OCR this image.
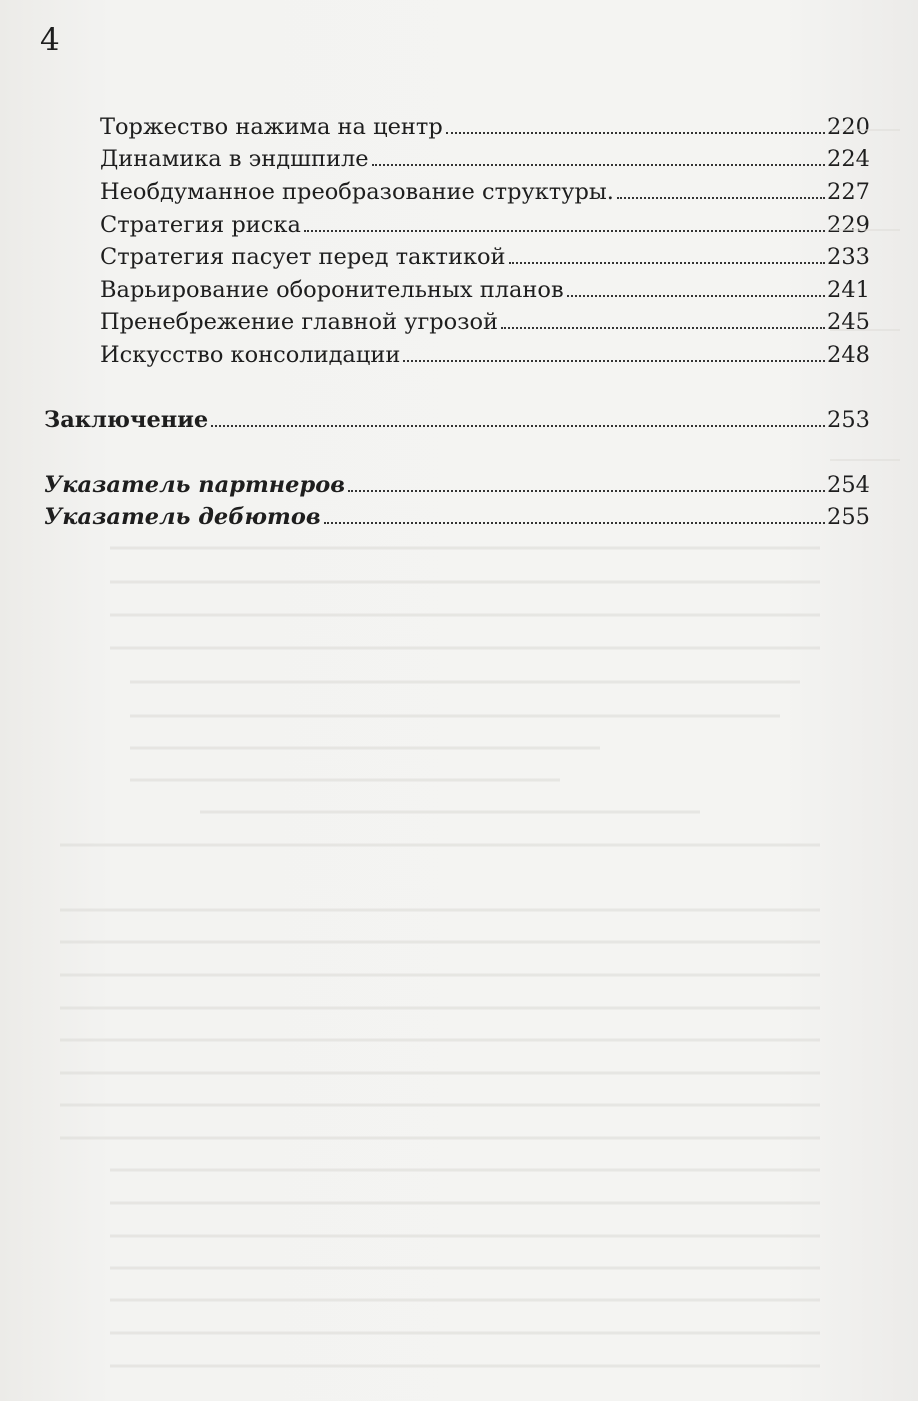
4
Торжество нажима на центр	220
Динамика в эндшпиле	224
Необдуманное преобразование структуры.	227
Стратегия риска	229
Стратегия пасует перед тактикой	233
Варьирование оборонительных планов	241
Пренебрежение главной угрозой	245
Искусство консолидации	248
Заключение	253
Указатель партнеров	254
Указатель дебютов	255
